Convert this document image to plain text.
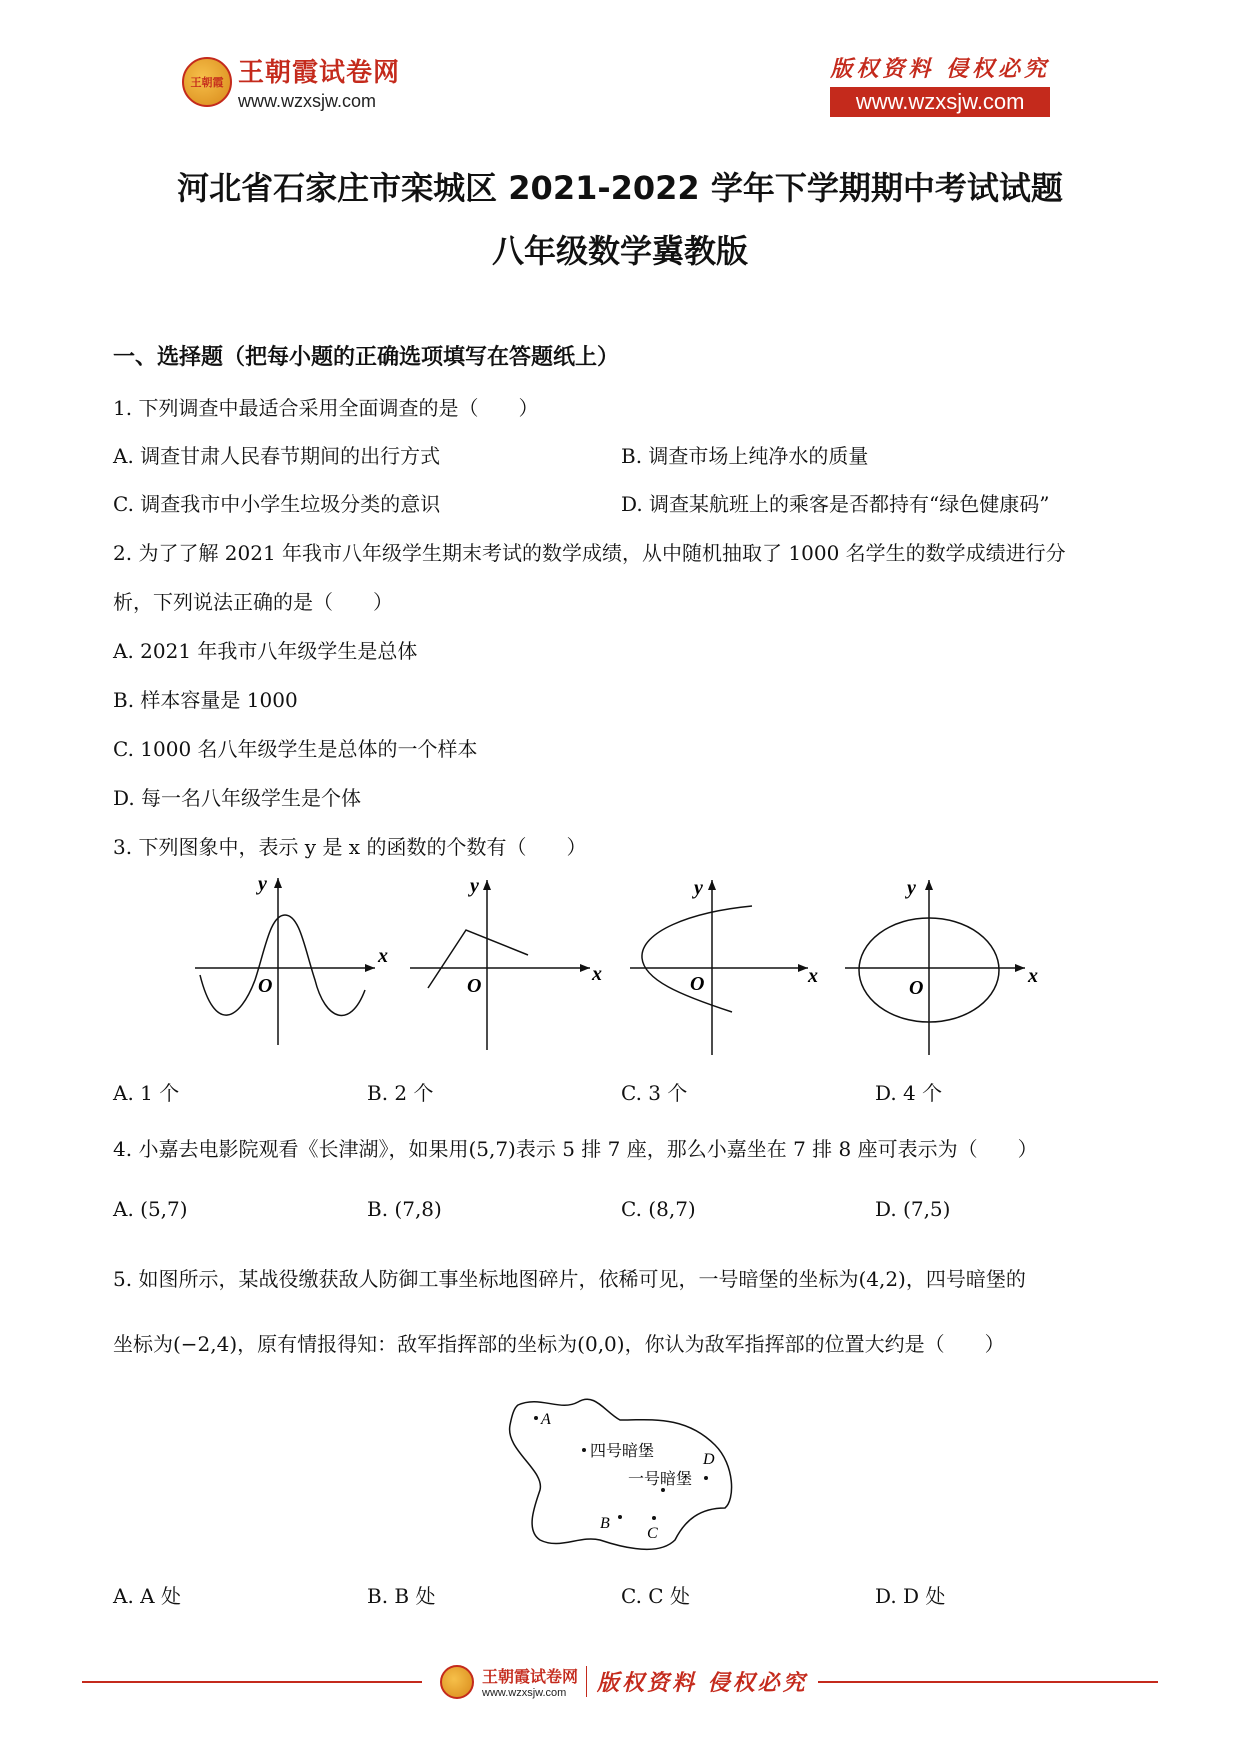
王朝霞 王朝霞试卷网
www.wzxsjw.com
版权资料 侵权必究
www.wzxsjw.com
河北省石家庄市栾城区 2021-2022 学年下学期期中考试试题
八年级数学冀教版
一、选择题（把每小题的正确选项填写在答题纸上）
1. 下列调查中最适合采用全面调查的是（　　）
A. 调查甘肃人民春节期间的出行方式	B. 调查市场上纯净水的质量
C. 调查我市中小学生垃圾分类的意识	D. 调查某航班上的乘客是否都持有“绿色健康码”
2. 为了了解 2021 年我市八年级学生期末考试的数学成绩，从中随机抽取了 1000 名学生的数学成绩进行分
析，下列说法正确的是（　　）
A. 2021 年我市八年级学生是总体
B. 样本容量是 1000
C. 1000 名八年级学生是总体的一个样本
D. 每一名八年级学生是个体
3. 下列图象中，表示 y 是 x 的函数的个数有（　　）
y
x
O
y
x
O
y
x
O
y
x
O
A. 1 个	B. 2 个	C. 3 个	D. 4 个
4. 小嘉去电影院观看《长津湖》，如果用(5,7)表示 5 排 7 座，那么小嘉坐在 7 排 8 座可表示为（　　）
A. (5,7)	B. (7,8)	C. (8,7)	D. (7,5)
5. 如图所示，某战役缴获敌人防御工事坐标地图碎片，依稀可见，一号暗堡的坐标为(4,2)，四号暗堡的
坐标为(−2,4)，原有情报得知：敌军指挥部的坐标为(0,0)，你认为敌军指挥部的位置大约是（　　）
A
四号暗堡	D
一号暗堡
B
C
A. A 处	B. B 处	C. C 处	D. D 处
王朝霞试卷网
www.wzxsjw.com	版权资料 侵权必究
